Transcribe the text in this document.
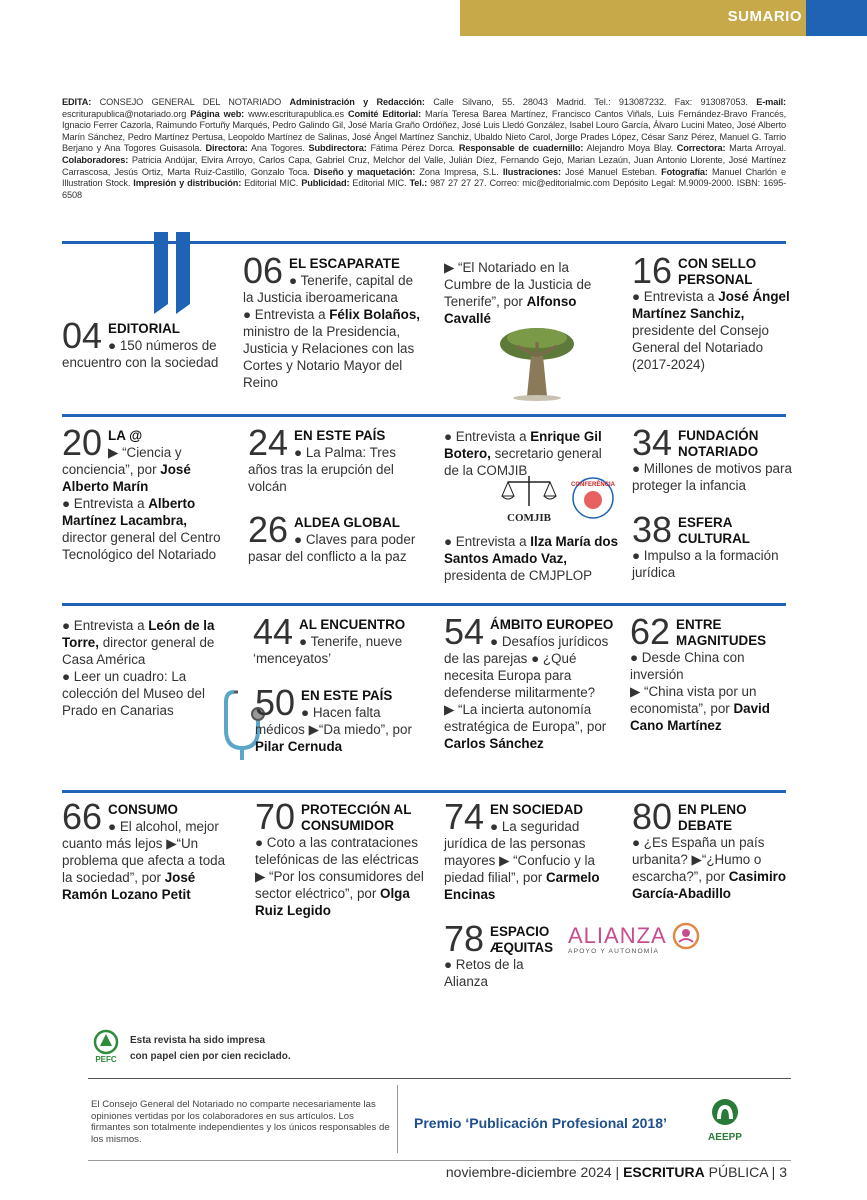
SUMARIO
EDITA: CONSEJO GENERAL DEL NOTARIADO Administración y Redacción: Calle Silvano, 55. 28043 Madrid. Tel.: 913087232. Fax: 913087053. E-mail: escriturapublica@notariado.org Página web: www.escriturapublica.es Comité Editorial: María Teresa Barea Martínez, Francisco Cantos Viñals, Luis Fernández-Bravo Francés, Ignacio Ferrer Cazorla, Raimundo Fortuñy Marqués, Pedro Galindo Gil, José María Graño Ordóñez, José Luis Lledó González, Isabel Louro García, Álvaro Lucini Mateo, José Alberto Marín Sánchez, Pedro Martínez Pertusa, Leopoldo Martínez de Salinas, José Ángel Martínez Sanchiz, Ubaldo Nieto Carol, Jorge Prades López, César Sanz Pérez, Manuel G. Tarrio Berjano y Ana Togores Guisasola. Directora: Ana Togores. Subdirectora: Fátima Pérez Dorca. Responsable de cuadernillo: Alejandro Moya Blay. Correctora: Marta Arroyal. Colaboradores: Patricia Andújar, Elvira Arroyo, Carlos Capa, Gabriel Cruz, Melchor del Valle, Julián Díez, Fernando Gejo, Marian Lezaún, Juan Antonio Llorente, José Martínez Carrascosa, Jesús Ortiz, Marta Ruiz-Castillo, Gonzalo Toca. Diseño y maquetación: Zona Impresa, S.L. Ilustraciones: José Manuel Esteban. Fotografía: Manuel Charlón e Illustration Stock. Impresión y distribución: Editorial MIC. Publicidad: Editorial MIC. Tel.: 987 27 27 27. Correo: mic@editorialmic.com Depósito Legal: M.9009-2000. ISBN: 1695-6508
04 EDITORIAL
● 150 números de encuentro con la sociedad
06 EL ESCAPARATE
● Tenerife, capital de la Justicia iberoamericana
● Entrevista a Félix Bolaños, ministro de la Presidencia, Justicia y Relaciones con las Cortes y Notario Mayor del Reino
▶ “El Notariado en la Cumbre de la Justicia de Tenerife”, por Alfonso Cavallé
16 CON SELLO PERSONAL
● Entrevista a José Ángel Martínez Sanchiz, presidente del Consejo General del Notariado (2017-2024)
20 LA @
▶ “Ciencia y conciencia”, por José Alberto Marín
● Entrevista a Alberto Martínez Lacambra, director general del Centro Tecnológico del Notariado
24 EN ESTE PAÍS
● La Palma: Tres años tras la erupción del volcán
26 ALDEA GLOBAL
● Claves para poder pasar del conflicto a la paz
● Entrevista a Enrique Gil Botero, secretario general de la COMJIB
COMJIB
CONFERÊNCIA
● Entrevista a Ilza María dos Santos Amado Vaz, presidenta de CMJPLOP
34 FUNDACIÓN NOTARIADO
● Millones de motivos para proteger la infancia
38 ESFERA CULTURAL
● Impulso a la formación jurídica
● Entrevista a León de la Torre, director general de Casa América
● Leer un cuadro: La colección del Museo del Prado en Canarias
44 AL ENCUENTRO
● Tenerife, nueve ‘menceyatos’
50 EN ESTE PAÍS
● Hacen falta médicos ▶“Da miedo”, por Pilar Cernuda
54 ÁMBITO EUROPEO
● Desafíos jurídicos de las parejas ● ¿Qué necesita Europa para defenderse militarmente?
▶ “La incierta autonomía estratégica de Europa”, por Carlos Sánchez
62 ENTRE MAGNITUDES
● Desde China con inversión
▶ “China vista por un economista”, por David Cano Martínez
66 CONSUMO
● El alcohol, mejor cuanto más lejos ▶“Un problema que afecta a toda la sociedad”, por José Ramón Lozano Petit
70 PROTECCIÓN AL CONSUMIDOR
● Coto a las contrataciones telefónicas de las eléctricas ▶ “Por los consumidores del sector eléctrico”, por Olga Ruiz Legido
74 EN SOCIEDAD
● La seguridad jurídica de las personas mayores ▶ “Confucio y la piedad filial”, por Carmelo Encinas
78 ESPACIO ÆQUITAS
● Retos de la Alianza
ALIANZA
APOYO Y AUTONOMÍA
80 EN PLENO DEBATE
● ¿Es España un país urbanita? ▶“¿Humo o escarcha?”, por Casimiro García-Abadillo
PEFC
Esta revista ha sido impresa
con papel cien por cien reciclado.
El Consejo General del Notariado no comparte necesariamente las opiniones vertidas por los colaboradores en sus artículos. Los firmantes son totalmente independientes y los únicos responsables de los mismos.
Premio ‘Publicación Profesional 2018’
AEEPP
noviembre-diciembre 2024 | ESCRITURA PÚBLICA | 3
